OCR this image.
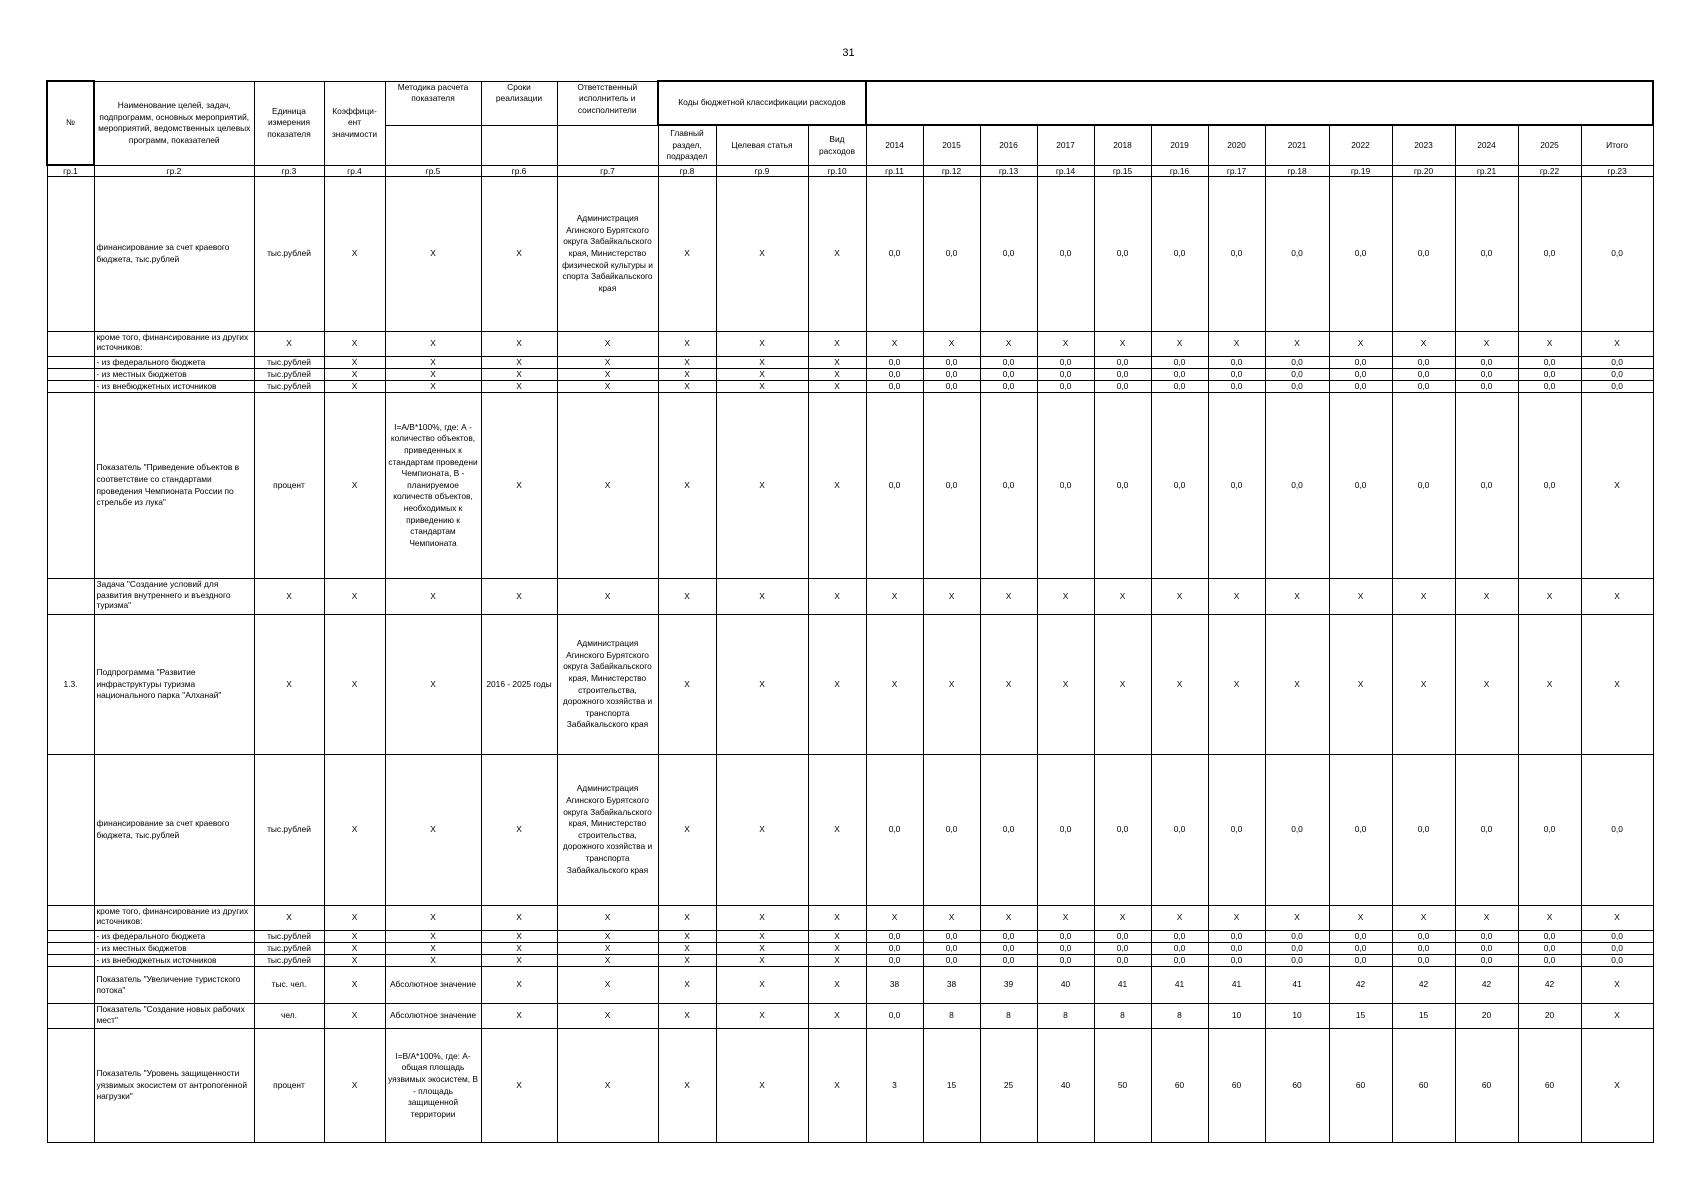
31
№	Наименование целей, задач, подпрограмм, основных мероприятий, мероприятий, ведомственных целевых программ, показателей	Единица измерения показателя	Коэффици-ент значимости	Методика расчета показателя	Сроки реализации	Ответственный исполнитель и соисполнители	Коды бюджетной классификации расходов															
							Главный раздел, подраздел	Целевая статья	Вид расходов	2014	2015	2016	2017	2018	2019	2020	2021	2022	2023	2024	2025	Итого
гр.1	гр.2	гр.3	гр.4	гр.5	гр.6	гр.7	гр.8	гр.9	гр.10	гр.11	гр.12	гр.13	гр.14	гр.15	гр.16	гр.17	гр.18	гр.19	гр.20	гр.21	гр.22	гр.23
	финансирование за счет краевого бюджета, тыс.рублей	тыс.рублей	X	X	X	Администрация Агинского Бурятского округа Забайкальского края, Министерство физической культуры и спорта Забайкальского края	X	X	X	0,0	0,0	0,0	0,0	0,0	0,0	0,0	0,0	0,0	0,0	0,0	0,0	0,0
	кроме того, финансирование из других источников:	X	X	X	X	X	X	X	X	X	X	X	X	X	X	X	X	X	X	X	X	X
	- из федерального бюджета	тыс.рублей	X	X	X	X	X	X	X	0,0	0,0	0,0	0,0	0,0	0,0	0,0	0,0	0,0	0,0	0,0	0,0	0,0
	- из местных бюджетов	тыс.рублей	X	X	X	X	X	X	X	0,0	0,0	0,0	0,0	0,0	0,0	0,0	0,0	0,0	0,0	0,0	0,0	0,0
	- из внебюджетных источников	тыс.рублей	X	X	X	X	X	X	X	0,0	0,0	0,0	0,0	0,0	0,0	0,0	0,0	0,0	0,0	0,0	0,0	0,0
	Показатель "Приведение объектов в соответствие со стандартами проведения Чемпионата России по стрельбе из лука"	процент	X	I=A/B*100%, где: А - количество объектов, приведенных к стандартам проведени Чемпионата, В - планируемое количеств объектов, необходимых к приведению к стандартам Чемпионата	X	X	X	X	X	0,0	0,0	0,0	0,0	0,0	0,0	0,0	0,0	0,0	0,0	0,0	0,0	X
	Задача "Создание условий для развития внутреннего и въездного туризма"	X	X	X	X	X	X	X	X	X	X	X	X	X	X	X	X	X	X	X	X	X
1.3.	Подпрограмма "Развитие инфраструктуры туризма национального парка "Алханай"	X	X	X	2016 - 2025 годы	Администрация Агинского Бурятского округа Забайкальского края, Министерство строительства, дорожного хозяйства и транспорта Забайкальского края	X	X	X	X	X	X	X	X	X	X	X	X	X	X	X	X
	финансирование за счет краевого бюджета, тыс.рублей	тыс.рублей	X	X	X	Администрация Агинского Бурятского округа Забайкальского края, Министерство строительства, дорожного хозяйства и транспорта Забайкальского края	X	X	X	0,0	0,0	0,0	0,0	0,0	0,0	0,0	0,0	0,0	0,0	0,0	0,0	0,0
	кроме того, финансирование из других источников:	X	X	X	X	X	X	X	X	X	X	X	X	X	X	X	X	X	X	X	X	X
	- из федерального бюджета	тыс.рублей	X	X	X	X	X	X	X	0,0	0,0	0,0	0,0	0,0	0,0	0,0	0,0	0,0	0,0	0,0	0,0	0,0
	- из местных бюджетов	тыс.рублей	X	X	X	X	X	X	X	0,0	0,0	0,0	0,0	0,0	0,0	0,0	0,0	0,0	0,0	0,0	0,0	0,0
	- из внебюджетных источников	тыс.рублей	X	X	X	X	X	X	X	0,0	0,0	0,0	0,0	0,0	0,0	0,0	0,0	0,0	0,0	0,0	0,0	0,0
	Показатель "Увеличение туристского потока"	тыс. чел.	X	Абсолютное значение	X	X	X	X	X	38	38	39	40	41	41	41	41	42	42	42	42	X
	Показатель "Создание новых рабочих мест"	чел.	X	Абсолютное значение	X	X	X	X	X	0,0	8	8	8	8	8	10	10	15	15	20	20	X
	Показатель "Уровень защищенности уязвимых экосистем от антропогенной нагрузки"	процент	X	I=B/A*100%, где: А- общая площадь уязвимых экосистем, В - площадь защищенной территории	X	X	X	X	X	3	15	25	40	50	60	60	60	60	60	60	60	X
